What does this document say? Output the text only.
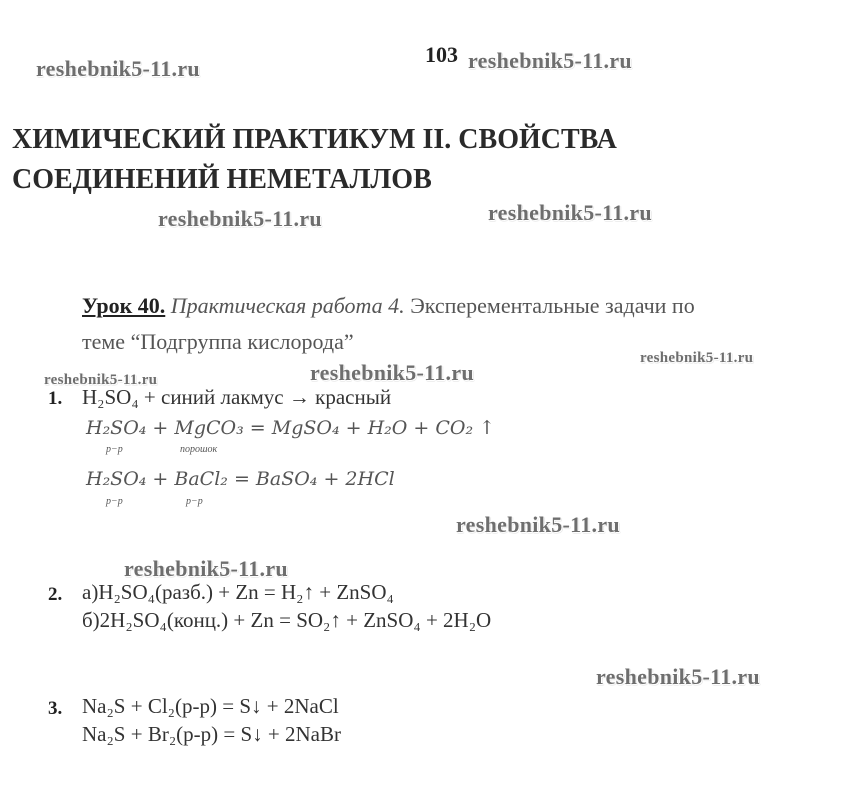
reshebnik5-11.ru
103 reshebnik5-11.ru
ХИМИЧЕСКИЙ ПРАКТИКУМ II. СВОЙСТВА
СОЕДИНЕНИЙ НЕМЕТАЛЛОВ
reshebnik5-11.ru	reshebnik5-11.ru
Урок 40. Практическая работа 4. Эксперементальные задачи по
теме “Подгруппа кислорода”
reshebnik5-11.ru
reshebnik5-11.ru
reshebnik5-11.ru
1. H₂SO₄ + синий лакмус → красный
H₂SO₄ + MgCO₃ = MgSO₄ + H₂O + CO₂ ↑
р−р	порошок
H₂SO₄ + BaCl₂ = BaSO₄ + 2HCl
р−р	р−р
reshebnik5-11.ru
reshebnik5-11.ru
2. а)H₂SO₄(разб.) + Zn = H₂↑ + ZnSO₄
б)2H₂SO₄(конц.) + Zn = SO₂↑ + ZnSO₄ + 2H₂O
reshebnik5-11.ru
3. Na₂S + Cl₂(р-р) = S↓ + 2NaCl
Na₂S + Br₂(р-р) = S↓ + 2NaBr
